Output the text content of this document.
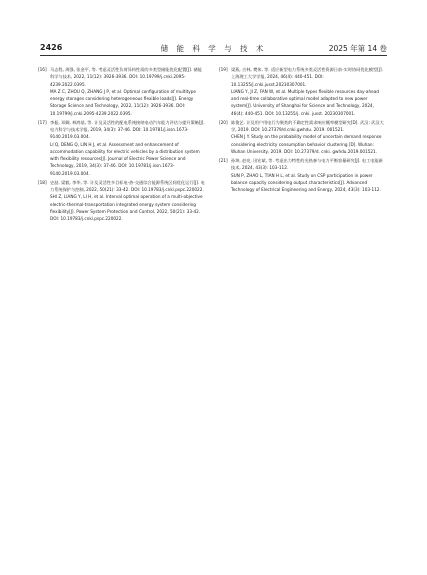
2426	储 能 科 学 与 技 术	2025 年第 14 卷
[16] 马志程, 周强, 张金平, 等. 考虑灵活性负荷异构性质的多类型储能优化配置[J]. 储能科学与技术, 2022, 11(12): 3926-3936. DOI: 10.19799/j.cnki.2095-4239.2022.0395.
MA Z C, ZHOU Q, ZHANG J P, et al. Optimal configuration of multitype energy storages considering heterogeneous flexible loads[J]. Energy Storage Science and Technology, 2022, 11(12): 3926-3936. DOI: 10.19799/j.cnki.2095-4239.2022.0395.
[17] 李振, 邓卿, 林鸿基, 等. 计及灵活性的配电系统接纳电动汽车能力评估与提升策略[J]. 电力科学与技术学报, 2019, 34(3): 37-46. DOI: 10.19781/j.issn.1673-9140.2019.03.004.
LI Q, DENG Q, LIN H J, et al. Assessment and enhancement of accommodation capability for electric vehicles by a distribution system with flexibility resources[J]. Journal of Electric Power Science and Technology, 2019, 34(3): 37-46. DOI: 10.19781/j.issn.1673-9140.2019.03.004.
[18] 史喆, 梁毅, 李华, 等. 计及灵活性多目标电-热-交通综合能源系统区间优化运行[J]. 电力系统保护与控制, 2022, 50(21): 33-42. DOI: 10.19783/j.cnki.pspc.220022.
SHI Z, LIANG Y, LI H, et al. Interval optimal operation of a multi-objective electric-thermal-transportation integrated energy system considering flexibility[J]. Power System Protection and Control, 2022, 50(21): 33-42. DOI: 10.19783/j.cnki.pspc.220022.
[19] 梁燕, 吉林, 樊伟, 等. 适应新型电力系统多类灵活性资源日前-实时协同优化模型[J]. 上海理工大学学报, 2024, 46(4): 440-451. DOI: 10.13255/j.cnki.jusst.20230307001.
LIANG Y, JI Z, FAN W, et al. Multiple types flexible resources day-ahead and real-time collaborative optimal model adapted to new power system[J]. University of Shanghai for Science and Technology, 2024, 46(4): 440-451. DOI: 10.13255/j. cnki. jusst. 20230307001.
[20] 陈俊艺. 计及用户用电行为聚类的不确定性需求响应概率模型研究[D]. 武汉: 武汉大学, 2019. DOI: 10.27379/d.cnki.gwhdu. 2019. 001521.
CHEN J Y. Study on the probability model of uncertain demand response considering electricity consumption behavior clustering [D]. Wuhan: Wuhan University, 2019. DOI: 10.27379/d. cnki. gwhdu.2019.001521.
[21] 孙坤, 赵亮, 田宏斌, 等. 考虑出力特性的光热参与电力平衡容量研究[J]. 电工电能新技术, 2024, 43(3): 103-112.
SUN P, ZHAO L, TIAN H L, et al. Study on CSP participation in power balance capacity considering output characteristics[J]. Advanced Technology of Electrical Engineering and Energy, 2024, 43(3): 103-112.
